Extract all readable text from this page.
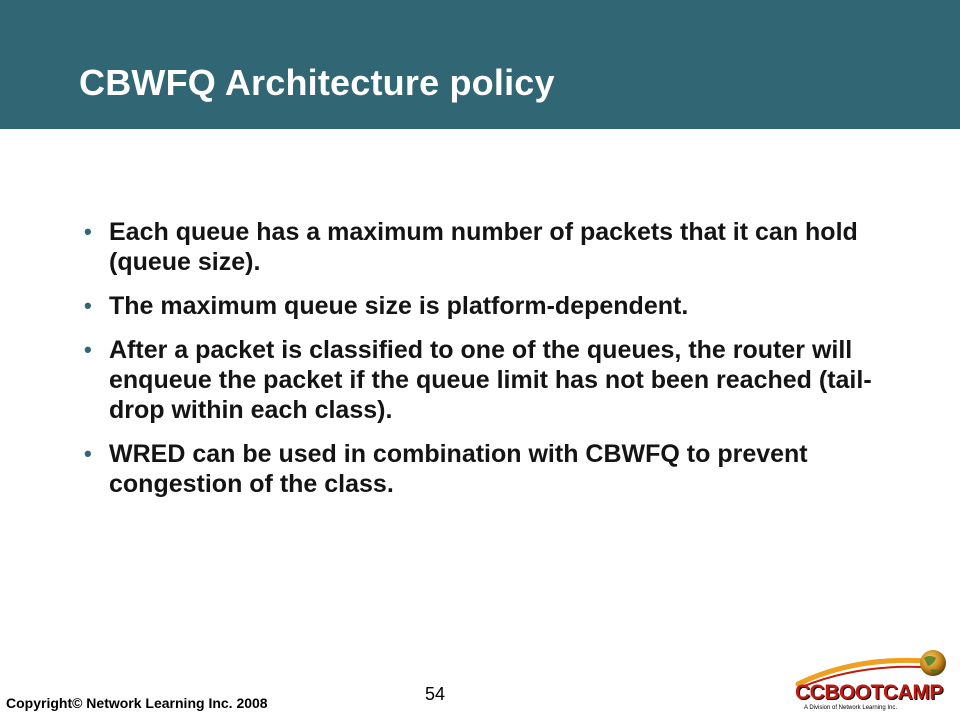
CBWFQ Architecture policy
• Each queue has a maximum number of packets that it can hold (queue size).
• The maximum queue size is platform-dependent.
• After a packet is classified to one of the queues, the router will enqueue the packet if the queue limit has not been reached (tail-drop within each class).
• WRED can be used in combination with CBWFQ to prevent congestion of the class.
Copyright© Network Learning Inc. 2008	54	CCBOOTCAMP
A Division of Network Learning Inc.
